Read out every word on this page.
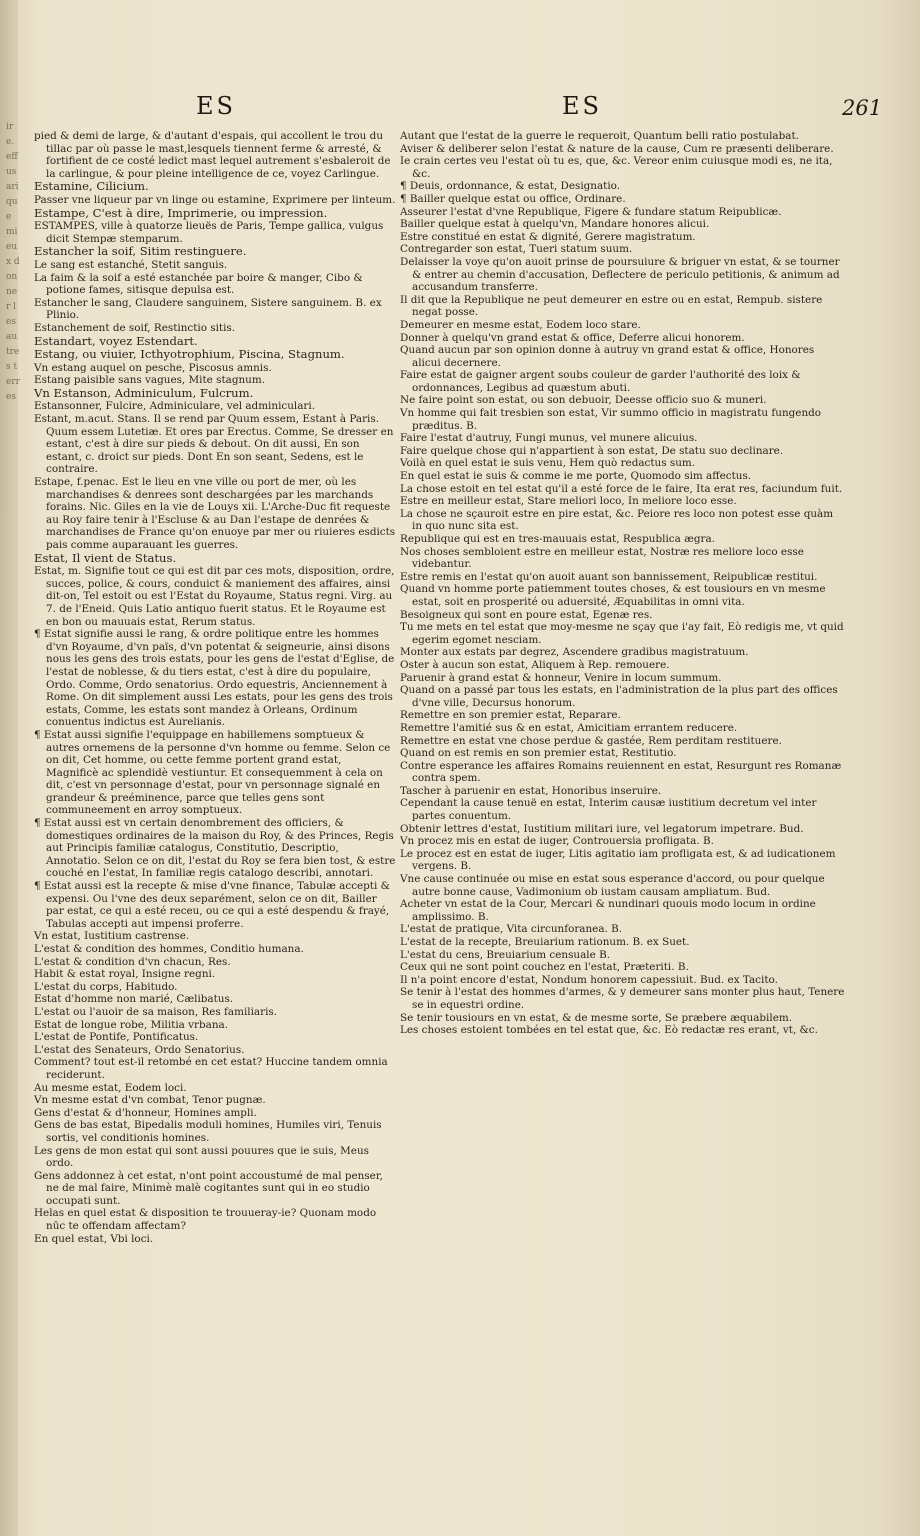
ire. effusari que mieux donner les autres terres
ES	ES	261

pied & demi de large, & d'autant d'espais, qui accollent le trou du tillac par où passe le mast,lesquels tiennent ferme & arresté, & fortifient de ce costé ledict mast lequel autrement s'esbaleroit de la carlingue, & pour pleine intelligence de ce, voyez Carlingue.

Estamine, Cilicium.

Passer vne liqueur par vn linge ou estamine, Exprimere per linteum.

Estampe, C'est à dire, Imprimerie, ou impression.

ESTAMPES, ville à quatorze lieuës de Paris, Tempe gallica, vulgus dicit Stempæ stemparum.

Estancher la soif, Sitim restinguere.

Le sang est estanché, Stetit sanguis.

La faim & la soif a esté estanchée par boire & manger, Cibo & potione fames, sitisque depulsa est.

Estancher le sang, Claudere sanguinem, Sistere sanguinem. B. ex Plinio.

Estanchement de soif, Restinctio sitis.

Estandart, voyez Estendart.

Estang, ou viuier, Icthyotrophium, Piscina, Stagnum.

Vn estang auquel on pesche, Piscosus amnis.

Estang paisible sans vagues, Mite stagnum.

Vn Estanson, Adminiculum, Fulcrum.

Estansonner, Fulcire, Adminiculare, vel adminiculari.

Estant, m.acut. Stans. Il se rend par Quum essem, Estant à Paris. Quum essem Lutetiæ. Et ores par Erectus. Comme, Se dresser en estant, c'est à dire sur pieds & debout. On dit aussi, En son estant, c. droict sur pieds. Dont En son seant, Sedens, est le contraire.

Estape, f.penac. Est le lieu en vne ville ou port de mer, où les marchandises & denrees sont deschargées par les marchands forains. Nic. Giles en la vie de Louys xii. L'Arche-Duc fit requeste au Roy faire tenir à l'Escluse & au Dan l'estape de denrées & marchandises de France qu'on enuoye par mer ou riuieres esdicts pais comme auparauant les guerres.

Estat, Il vient de Status.

Estat, m. Signifie tout ce qui est dit par ces mots, disposition, ordre, succes, police, & cours, conduict & maniement des affaires, ainsi dit-on, Tel estoit ou est l'Estat du Royaume, Status regni. Virg. au 7. de l'Eneid. Quis Latio antiquo fuerit status. Et le Royaume est en bon ou mauuais estat, Rerum status.

¶ Estat signifie aussi le rang, & ordre politique entre les hommes d'vn Royaume, d'vn païs, d'vn potentat & seigneurie, ainsi disons nous les gens des trois estats, pour les gens de l'estat d'Eglise, de l'estat de noblesse, & du tiers estat, c'est à dire du populaire, Ordo. Comme, Ordo senatorius. Ordo equestris, Anciennement à Rome. On dit simplement aussi Les estats, pour les gens des trois estats, Comme, les estats sont mandez à Orleans, Ordinum conuentus indictus est Aurelianis.

¶ Estat aussi signifie l'equippage en habillemens somptueux & autres ornemens de la personne d'vn homme ou femme. Selon ce on dit, Cet homme, ou cette femme portent grand estat, Magnificè ac splendidè vestiuntur. Et consequemment à cela on dit, c'est vn personnage d'estat, pour vn personnage signalé en grandeur & preéminence, parce que telles gens sont communeement en arroy somptueux.

¶ Estat aussi est vn certain denombrement des officiers, & domestiques ordinaires de la maison du Roy, & des Princes, Regis aut Principis familiæ catalogus, Constitutio, Descriptio, Annotatio. Selon ce on dit, l'estat du Roy se fera bien tost, & estre couché en l'estat, In familiæ regis catalogo describi, annotari.

¶ Estat aussi est la recepte & mise d'vne finance, Tabulæ accepti & expensi. Ou l'vne des deux separément, selon ce on dit, Bailler par estat, ce qui a esté receu, ou ce qui a esté despendu & frayé, Tabulas accepti aut impensi proferre.

Vn estat, Iustitium castrense.

L'estat & condition des hommes, Conditio humana.

L'estat & condition d'vn chacun, Res.

Habit & estat royal, Insigne regni.

L'estat du corps, Habitudo.

Estat d'homme non marié, Cælibatus.

L'estat ou l'auoir de sa maison, Res familiaris.

Estat de longue robe, Militia vrbana.

L'estat de Pontife, Pontificatus.

L'estat des Senateurs, Ordo Senatorius.

Comment? tout est-il retombé en cet estat? Huccine tandem omnia reciderunt.

Au mesme estat, Eodem loci.

Vn mesme estat d'vn combat, Tenor pugnæ.

Gens d'estat & d'honneur, Homines ampli.

Gens de bas estat, Bipedalis moduli homines, Humiles viri, Tenuis sortis, vel conditionis homines.

Les gens de mon estat qui sont aussi pouures que ie suis, Meus ordo.

Gens addonnez à cet estat, n'ont point accoustumé de mal penser, ne de mal faire, Minimè malè cogitantes sunt qui in eo studio occupati sunt.

Helas en quel estat & disposition te trouueray-ie? Quonam modo nūc te offendam affectam?

En quel estat, Vbi loci.

Autant que l'estat de la guerre le requeroit, Quantum belli ratio postulabat.

Aviser & deliberer selon l'estat & nature de la cause, Cum re præsenti deliberare.

Ie crain certes veu l'estat où tu es, que, &c. Vereor enim cuiusque modi es, ne ita, &c.

¶ Deuis, ordonnance, & estat, Designatio.

¶ Bailler quelque estat ou office, Ordinare.

Asseurer l'estat d'vne Republique, Figere & fundare statum Reipublicæ.

Bailler quelque estat à quelqu'vn, Mandare honores alicui.

Estre constitué en estat & dignité, Gerere magistratum.

Contregarder son estat, Tueri statum suum.

Delaisser la voye qu'on auoit prinse de poursuiure & briguer vn estat, & se tourner & entrer au chemin d'accusation, Deflectere de periculo petitionis, & animum ad accusandum transferre.

Il dit que la Republique ne peut demeurer en estre ou en estat, Rempub. sistere negat posse.

Demeurer en mesme estat, Eodem loco stare.

Donner à quelqu'vn grand estat & office, Deferre alicui honorem.

Quand aucun par son opinion donne à autruy vn grand estat & office, Honores alicui decernere.

Faire estat de gaigner argent soubs couleur de garder l'authorité des loix & ordonnances, Legibus ad quæstum abuti.

Ne faire point son estat, ou son debuoir, Deesse officio suo & muneri.

Vn homme qui fait tresbien son estat, Vir summo officio in magistratu fungendo præditus. B.

Faire l'estat d'autruy, Fungi munus, vel munere alicuius.

Faire quelque chose qui n'appartient à son estat, De statu suo declinare.

Voilà en quel estat ie suis venu, Hem quò redactus sum.

En quel estat ie suis & comme ie me porte, Quomodo sim affectus.

La chose estoit en tel estat qu'il a esté force de le faire, Ita erat res, faciundum fuit.

Estre en meilleur estat, Stare meliori loco, In meliore loco esse.

La chose ne sçauroit estre en pire estat, &c. Peiore res loco non potest esse quàm in quo nunc sita est.

Republique qui est en tres-mauuais estat, Respublica ægra.

Nos choses sembloient estre en meilleur estat, Nostræ res meliore loco esse videbantur.

Estre remis en l'estat qu'on auoit auant son bannissement, Reipublicæ restitui.

Quand vn homme porte patiemment toutes choses, & est tousiours en vn mesme estat, soit en prosperité ou aduersité, Æquabilitas in omni vita.

Besoigneux qui sont en poure estat, Egenæ res.

Tu me mets en tel estat que moy-mesme ne sçay que i'ay fait, Eò redigis me, vt quid egerim egomet nesciam.

Monter aux estats par degrez, Ascendere gradibus magistratuum.

Oster à aucun son estat, Aliquem à Rep. remouere.

Paruenir à grand estat & honneur, Venire in locum summum.

Quand on a passé par tous les estats, en l'administration de la plus part des offices d'vne ville, Decursus honorum.

Remettre en son premier estat, Reparare.

Remettre l'amitié sus & en estat, Amicitiam errantem reducere.

Remettre en estat vne chose perdue & gastée, Rem perditam restituere.

Quand on est remis en son premier estat, Restitutio.

Contre esperance les affaires Romains reuiennent en estat, Resurgunt res Romanæ contra spem.

Tascher à paruenir en estat, Honoribus inseruire.

Cependant la cause tenuë en estat, Interim causæ iustitium decretum vel inter partes conuentum.

Obtenir lettres d'estat, Iustitium militari iure, vel legatorum impetrare. Bud.

Vn procez mis en estat de iuger, Controuersia profligata. B.

Le procez est en estat de iuger, Litis agitatio iam profligata est, & ad iudicationem vergens. B.

Vne cause continuée ou mise en estat sous esperance d'accord, ou pour quelque autre bonne cause, Vadimonium ob iustam causam ampliatum. Bud.

Acheter vn estat de la Cour, Mercari & nundinari quouis modo locum in ordine amplissimo. B.

L'estat de pratique, Vita circunforanea. B.

L'estat de la recepte, Breuiarium rationum. B. ex Suet.

L'estat du cens, Breuiarium censuale B.

Ceux qui ne sont point couchez en l'estat, Præteriti. B.

Il n'a point encore d'estat, Nondum honorem capessiuit. Bud. ex Tacito.

Se tenir à l'estat des hommes d'armes, & y demeurer sans monter plus haut, Tenere se in equestri ordine.

Se tenir tousiours en vn estat, & de mesme sorte, Se præbere æquabilem.

Les choses estoient tombées en tel estat que, &c. Eò redactæ res erant, vt, &c.
